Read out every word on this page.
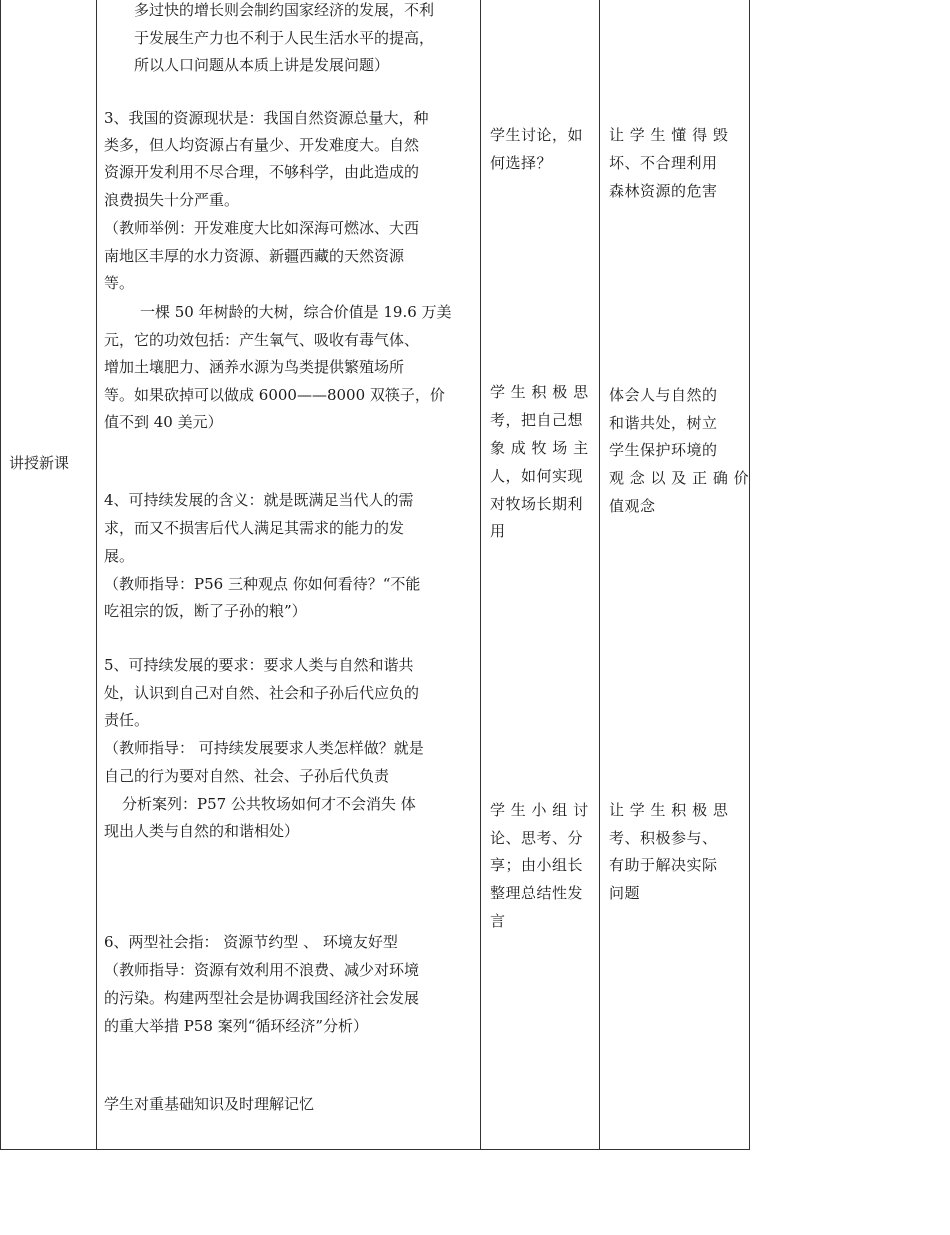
讲授新课
多过快的增长则会制约国家经济的发展，不利
于发展生产力也不利于人民生活水平的提高，
所以人口问题从本质上讲是发展问题）
3、我国的资源现状是：我国自然资源总量大，种
类多，但人均资源占有量少、开发难度大。自然
资源开发利用不尽合理，不够科学，由此造成的
浪费损失十分严重。
（教师举例：开发难度大比如深海可燃冰、大西
南地区丰厚的水力资源、新疆西藏的天然资源
等。
一棵 50 年树龄的大树，综合价值是 19.6 万美
元，它的功效包括：产生氧气、吸收有毒气体、
增加土壤肥力、涵养水源为鸟类提供繁殖场所
等。如果砍掉可以做成 6000——8000 双筷子，价
值不到 40 美元）
4、可持续发展的含义：就是既满足当代人的需
求，而又不损害后代人满足其需求的能力的发
展。
（教师指导：P56 三种观点 你如何看待？“不能
吃祖宗的饭，断了子孙的粮”）
5、可持续发展的要求：要求人类与自然和谐共
处，认识到自己对自然、社会和子孙后代应负的
责任。
（教师指导： 可持续发展要求人类怎样做？就是
自己的行为要对自然、社会、子孙后代负责
分析案列：P57 公共牧场如何才不会消失 体
现出人类与自然的和谐相处）
6、两型社会指： 资源节约型 、 环境友好型
（教师指导：资源有效利用不浪费、减少对环境
的污染。构建两型社会是协调我国经济社会发展
的重大举措 P58 案列“循环经济”分析）
学生对重基础知识及时理解记忆
学生讨论，如
何选择？
学 生 积 极 思
考，把自己想
象 成 牧 场 主
人，如何实现
对牧场长期利
用
学 生 小 组 讨
论、思考、分
享；由小组长
整理总结性发
言
让 学 生 懂 得 毁
坏、不合理利用
森林资源的危害
体会人与自然的
和谐共处，树立
学生保护环境的
观 念 以 及 正 确 价
值观念
让 学 生 积 极 思
考、积极参与、
有助于解决实际
问题
